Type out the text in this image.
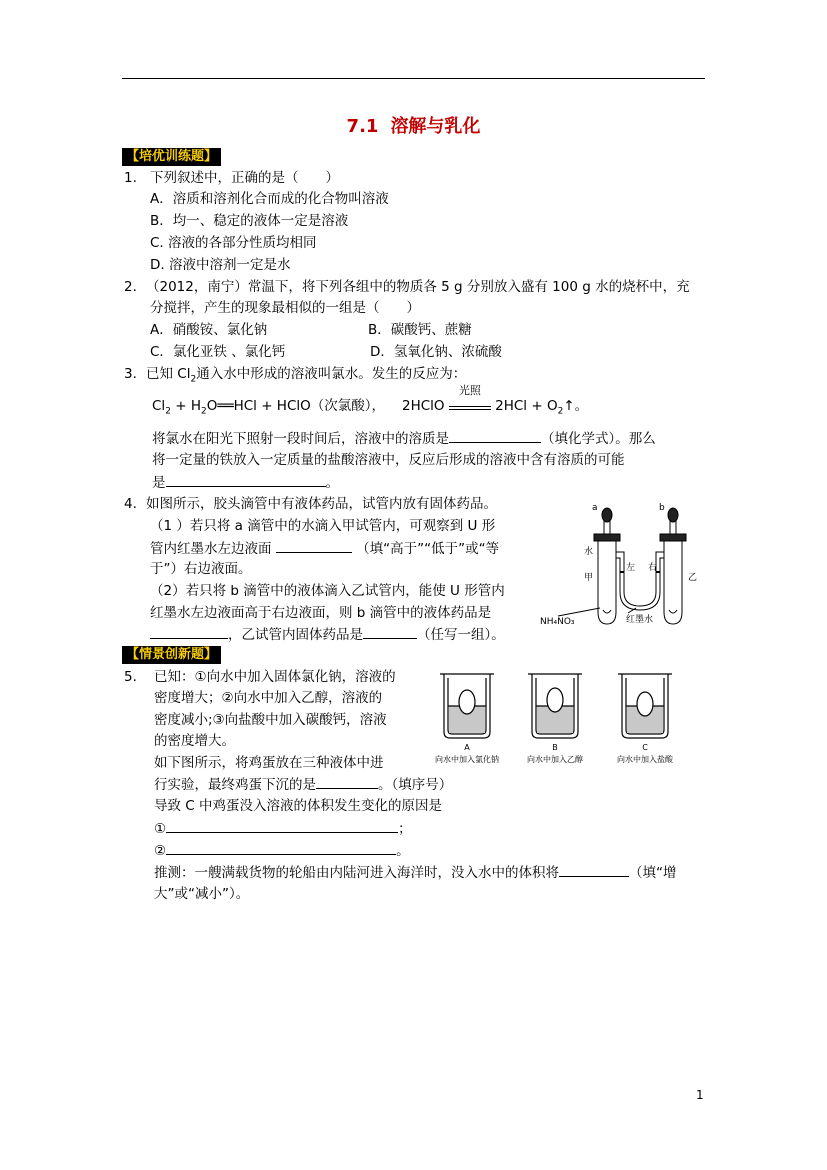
7.1 溶解与乳化
【培优训练题】
1. 下列叙述中，正确的是（　　）
A．溶质和溶剂化合而成的化合物叫溶液
B．均一、稳定的液体一定是溶液
C. 溶液的各部分性质均相同
D. 溶液中溶剂一定是水
2． （2012，南宁）常温下，将下列各组中的物质各 5 g 分别放入盛有 100 g 水的烧杯中，充
分搅拌，产生的现象最相似的一组是（　　）
A．硝酸铵、氯化钠	B．碳酸钙、蔗糖
C．氯化亚铁 、氯化钙	D．氢氧化钠、浓硫酸
3． 已知 $Cl_2$通入水中形成的溶液叫氯水。发生的反应为：
$Cl_2$ + $H_2O══HCl$ + HClO（次氯酸）， 2HClO
光照
$2HCl + O_2↑$。
将氯水在阳光下照射一段时间后，溶液中的溶质是	（填化学式）。那么
将一定量的铁放入一定质量的盐酸溶液中，反应后形成的溶液中含有溶质的可能
是	。
4. 如图所示，胶头滴管中有液体药品，试管内放有固体药品。
（1 ）若只将 a 滴管中的水滴入甲试管内，可观察到 U 形
管内红墨水左边液面	（填“高于”“低于”或“等
于”）右边液面。
（2）若只将 b 滴管中的液体滴入乙试管内，能使 U 形管内
红墨水左边液面高于右边液面，则 b 滴管中的液体药品是
，乙试管内固体药品是	（任写一组）。
a	b
水
甲
左 右
乙
NH₄NO₃	红墨水
【情景创新题】
5. 已知：①向水中加入固体氯化钠，溶液的
密度增大；②向水中加入乙醇，溶液的
密度减小;③向盐酸中加入碳酸钙，溶液
的密度增大。
如下图所示，将鸡蛋放在三种液体中进
行实验，最终鸡蛋下沉的是	。（填序号）
导致 C 中鸡蛋没入溶液的体积发生变化的原因是
①	；
②	。
推测：一艘满载货物的轮船由内陆河进入海洋时，没入水中的体积将	（填“增
大”或“减小”）。
A
向水中加入氯化钠
B
向水中加入乙醇
C
向水中加入盐酸
1
